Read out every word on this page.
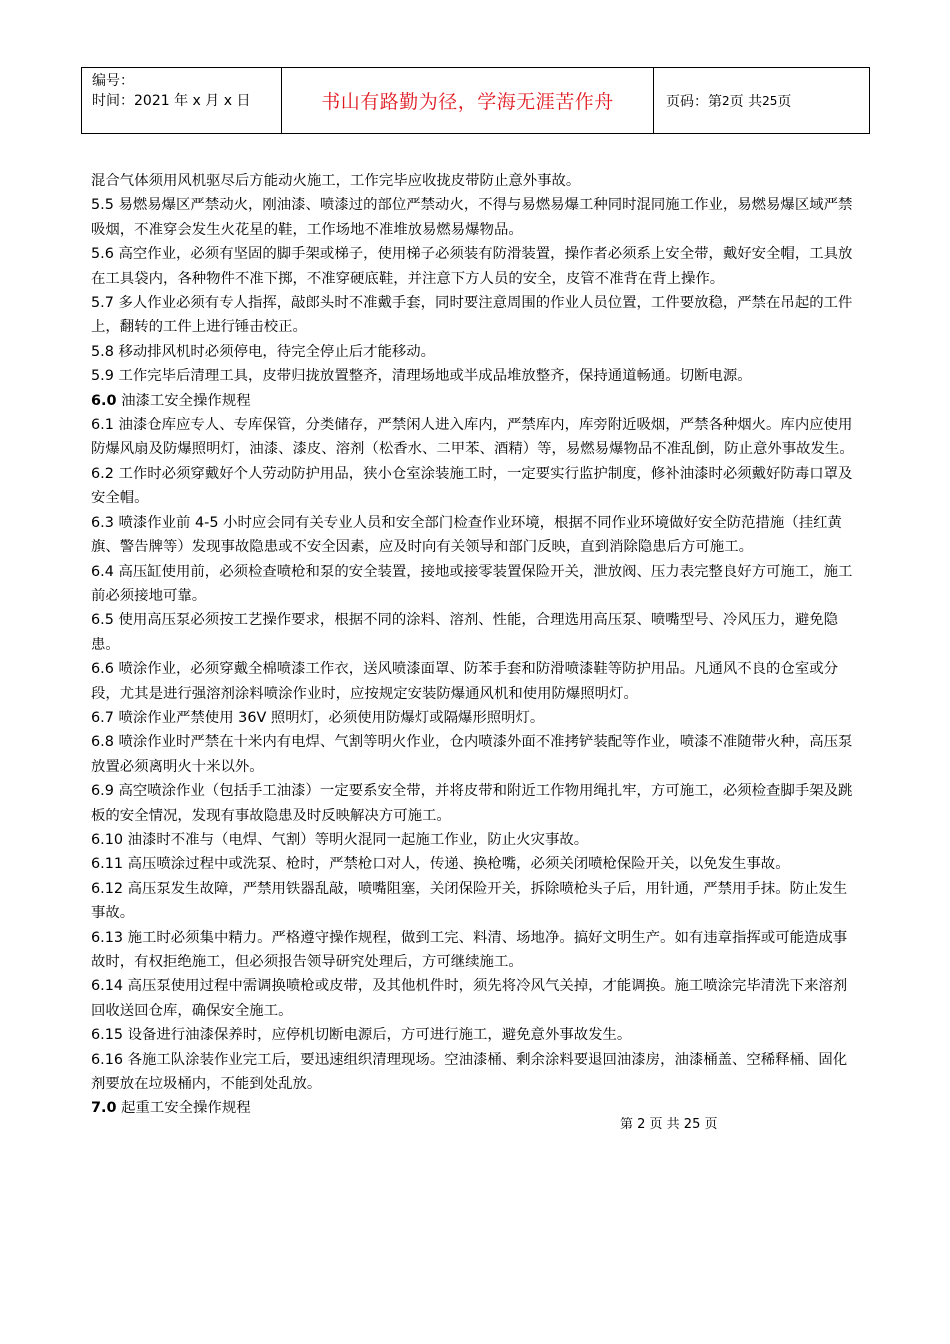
编号：
时间：2021 年 x 月 x 日	书山有路勤为径，学海无涯苦作舟	页码：第 2 页 共 25 页

混合气体须用风机驱尽后方能动火施工，工作完毕应收拢皮带防止意外事故。

5.5 易燃易爆区严禁动火，刚油漆、喷漆过的部位严禁动火，不得与易燃易爆工种同时混同施工作业，易燃易爆区域严禁吸烟，不准穿会发生火花星的鞋，工作场地不准堆放易燃易爆物品。

5.6 高空作业，必须有坚固的脚手架或梯子，使用梯子必须装有防滑装置，操作者必须系上安全带，戴好安全帽，工具放在工具袋内，各种物件不准下掷，不准穿硬底鞋，并注意下方人员的安全，皮管不准背在背上操作。

5.7 多人作业必须有专人指挥，敲郎头时不准戴手套，同时要注意周围的作业人员位置，工件要放稳，严禁在吊起的工件上，翻转的工件上进行锤击校正。

5.8 移动排风机时必须停电，待完全停止后才能移动。

5.9 工作完毕后清理工具，皮带归拢放置整齐，清理场地或半成品堆放整齐，保持通道畅通。切断电源。

6.0 油漆工安全操作规程

6.1 油漆仓库应专人、专库保管，分类储存，严禁闲人进入库内，严禁库内，库旁附近吸烟，严禁各种烟火。库内应使用防爆风扇及防爆照明灯，油漆、漆皮、溶剂（松香水、二甲苯、酒精）等，易燃易爆物品不准乱倒，防止意外事故发生。

6.2 工作时必须穿戴好个人劳动防护用品，狭小仓室涂装施工时，一定要实行监护制度，修补油漆时必须戴好防毒口罩及安全帽。

6.3 喷漆作业前 4-5 小时应会同有关专业人员和安全部门检查作业环境，根据不同作业环境做好安全防范措施（挂红黄旗、警告牌等）发现事故隐患或不安全因素，应及时向有关领导和部门反映，直到消除隐患后方可施工。

6.4 高压缸使用前，必须检查喷枪和泵的安全装置，接地或接零装置保险开关，泄放阀、压力表完整良好方可施工，施工前必须接地可靠。

6.5 使用高压泵必须按工艺操作要求，根据不同的涂料、溶剂、性能，合理选用高压泵、喷嘴型号、冷风压力，避免隐患。

6.6 喷涂作业，必须穿戴全棉喷漆工作衣，送风喷漆面罩、防苯手套和防滑喷漆鞋等防护用品。凡通风不良的仓室或分段，尤其是进行强溶剂涂料喷涂作业时，应按规定安装防爆通风机和使用防爆照明灯。

6.7 喷涂作业严禁使用 36V 照明灯，必须使用防爆灯或隔爆形照明灯。

6.8 喷涂作业时严禁在十米内有电焊、气割等明火作业，仓内喷漆外面不准拷铲装配等作业，喷漆不准随带火种，高压泵放置必须离明火十米以外。

6.9 高空喷涂作业（包括手工油漆）一定要系安全带，并将皮带和附近工作物用绳扎牢，方可施工，必须检查脚手架及跳板的安全情况，发现有事故隐患及时反映解决方可施工。

6.10 油漆时不准与（电焊、气割）等明火混同一起施工作业，防止火灾事故。

6.11 高压喷涂过程中或洗泵、枪时，严禁枪口对人，传递、换枪嘴，必须关闭喷枪保险开关，以免发生事故。

6.12 高压泵发生故障，严禁用铁器乱敲，喷嘴阻塞，关闭保险开关，拆除喷枪头子后，用针通，严禁用手抹。防止发生事故。

6.13 施工时必须集中精力。严格遵守操作规程，做到工完、料清、场地净。搞好文明生产。如有违章指挥或可能造成事故时，有权拒绝施工，但必须报告领导研究处理后，方可继续施工。

6.14 高压泵使用过程中需调换喷枪或皮带，及其他机件时，须先将冷风气关掉，才能调换。施工喷涂完毕清洗下来溶剂回收送回仓库，确保安全施工。

6.15 设备进行油漆保养时，应停机切断电源后，方可进行施工，避免意外事故发生。

6.16 各施工队涂装作业完工后，要迅速组织清理现场。空油漆桶、剩余涂料要退回油漆房，油漆桶盖、空稀释桶、固化剂要放在垃圾桶内，不能到处乱放。

7.0 起重工安全操作规程

第 2 页 共 25 页
